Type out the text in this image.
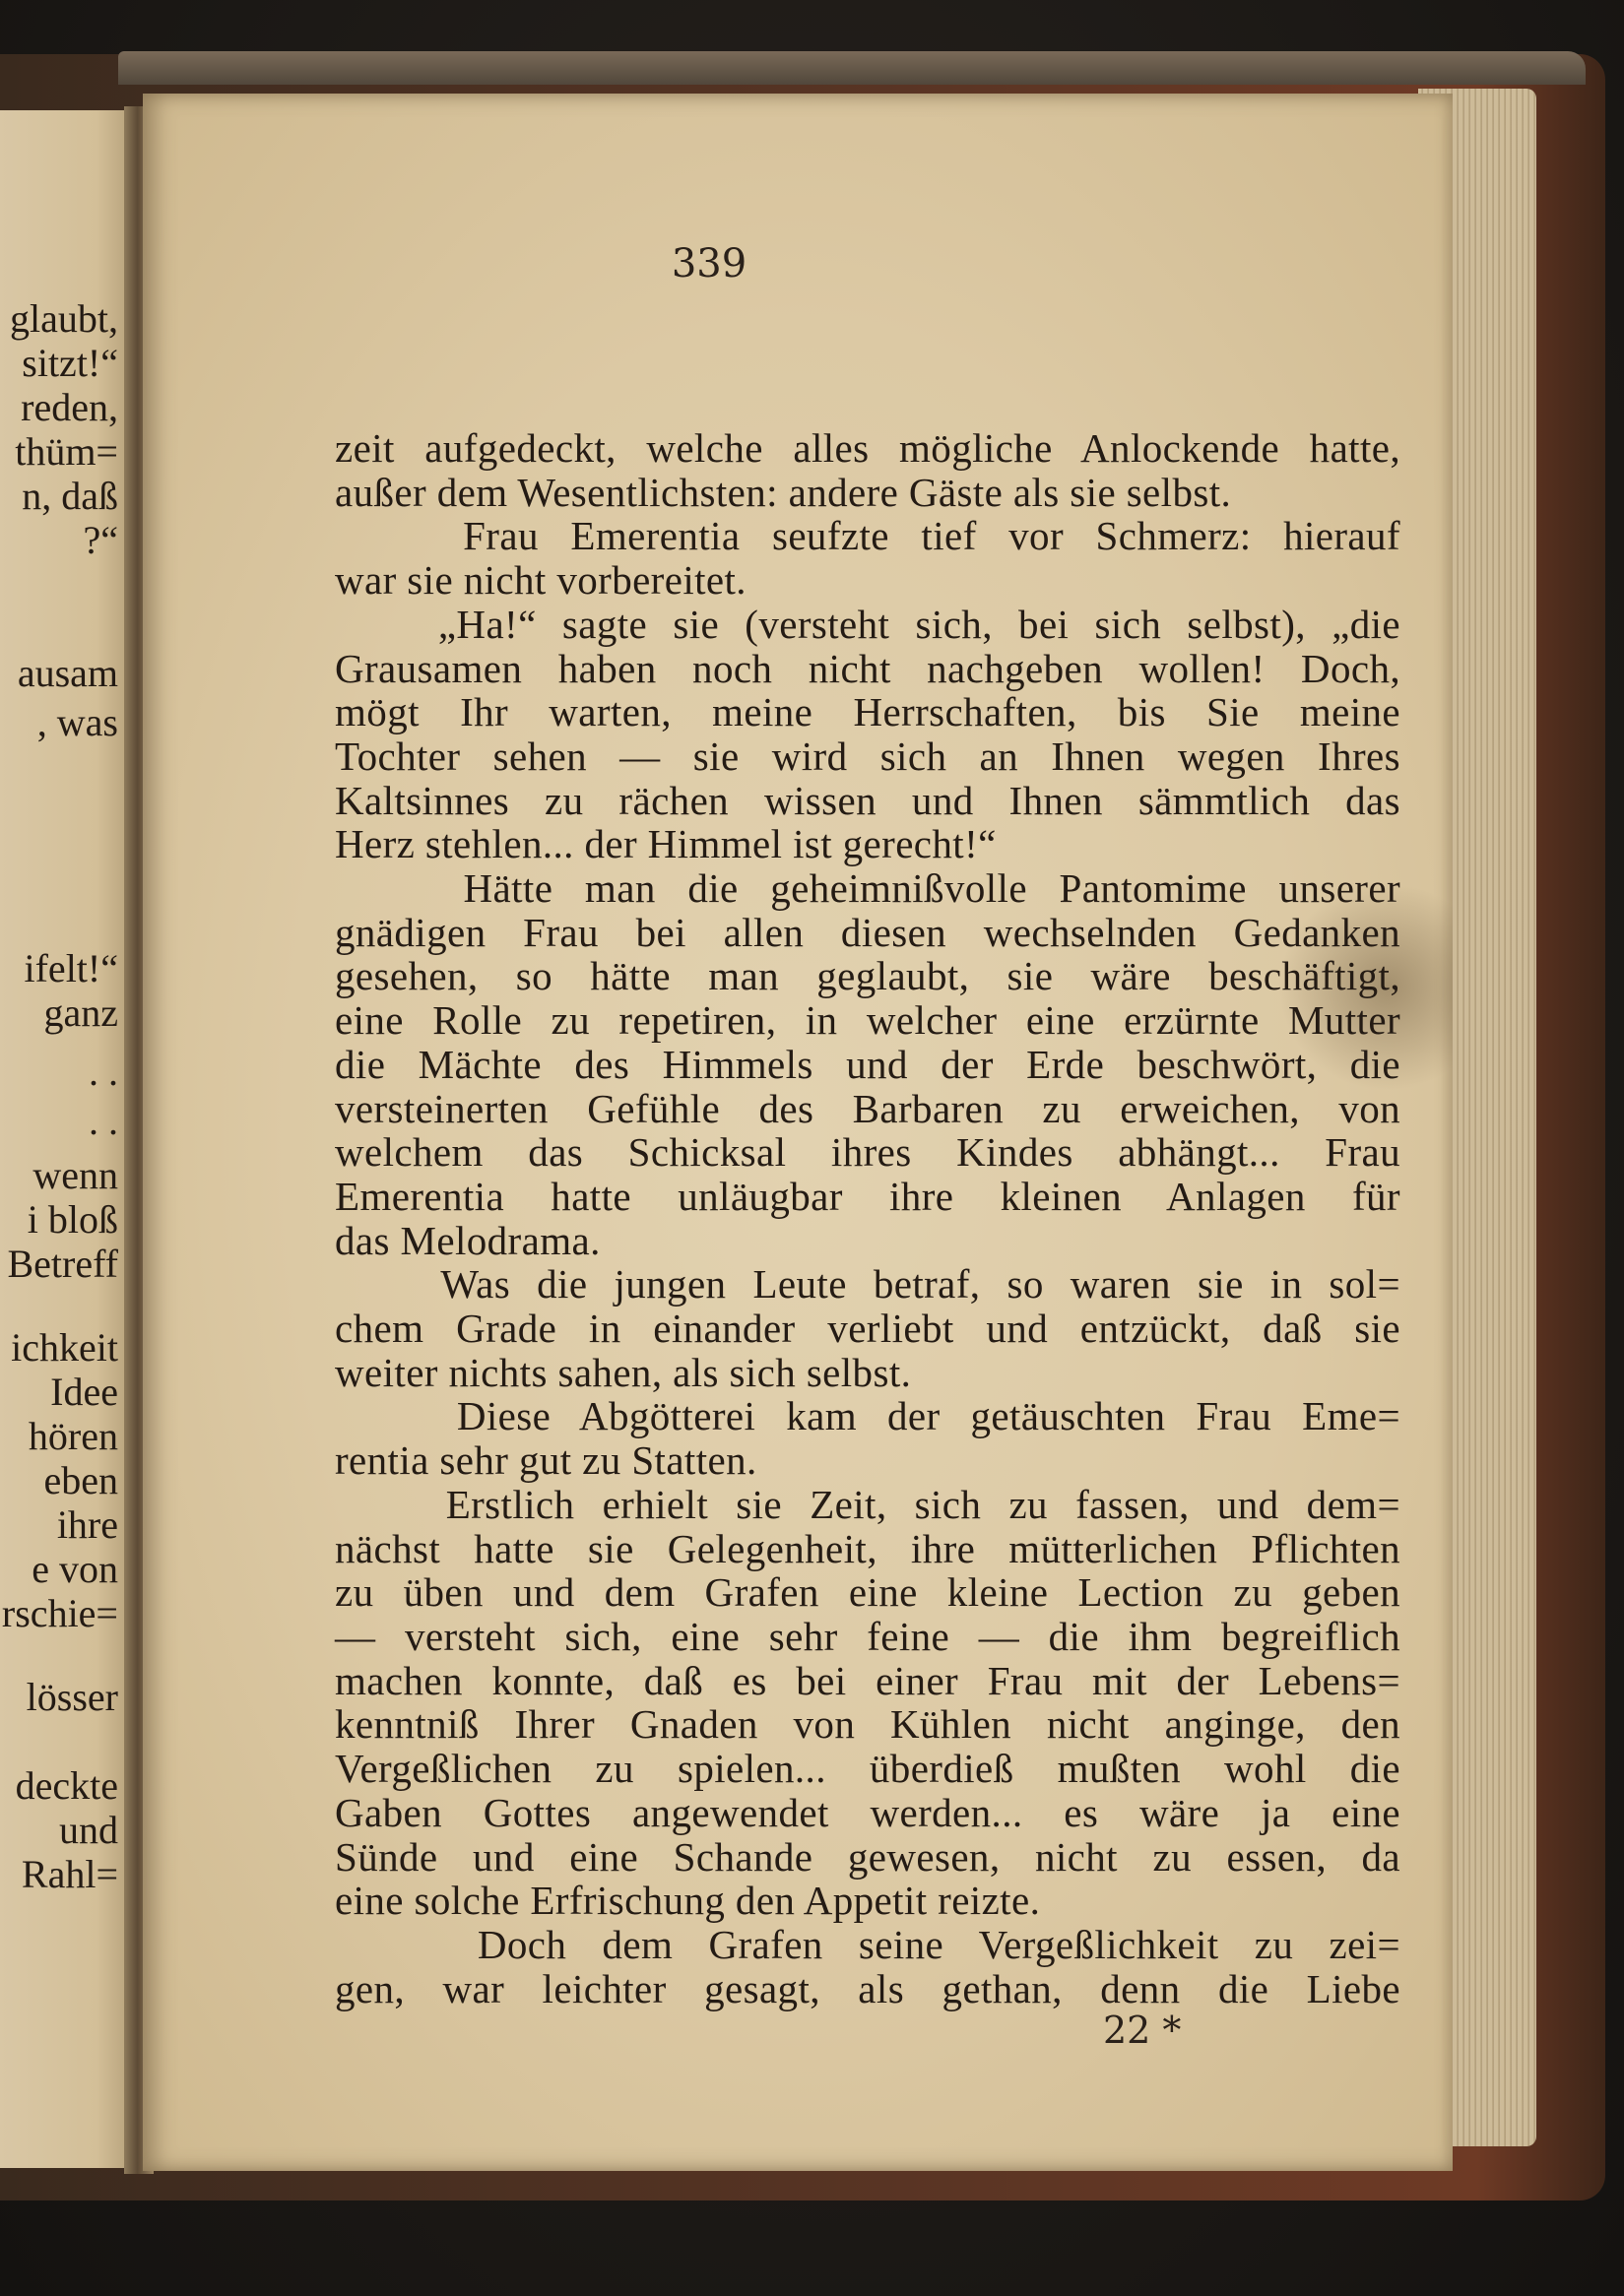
glaubt,
sitzt!“
reden,
thüm=
n, daß
?“
ausam
, was
ifelt!“
ganz
. .
. .
wenn
i bloß
Betreff
ichkeit
Idee
hören
eben
ihre
e von
rschie=
lösser
deckte
und
Rahl=
339
zeit aufgedeckt, welche alles mögliche Anlockende hatte,
außer dem Wesentlichsten: andere Gäste als sie selbst.
Frau Emerentia seufzte tief vor Schmerz: hierauf
war sie nicht vorbereitet.
„Ha!“ sagte sie (versteht sich, bei sich selbst), „die
Grausamen haben noch nicht nachgeben wollen! Doch,
mögt Ihr warten, meine Herrschaften, bis Sie meine
Tochter sehen — sie wird sich an Ihnen wegen Ihres
Kaltsinnes zu rächen wissen und Ihnen sämmtlich das
Herz stehlen... der Himmel ist gerecht!“
Hätte man die geheimnißvolle Pantomime unserer
gnädigen Frau bei allen diesen wechselnden Gedanken
gesehen, so hätte man geglaubt, sie wäre beschäftigt,
eine Rolle zu repetiren, in welcher eine erzürnte Mutter
die Mächte des Himmels und der Erde beschwört, die
versteinerten Gefühle des Barbaren zu erweichen, von
welchem das Schicksal ihres Kindes abhängt... Frau
Emerentia hatte unläugbar ihre kleinen Anlagen für
das Melodrama.
Was die jungen Leute betraf, so waren sie in sol=
chem Grade in einander verliebt und entzückt, daß sie
weiter nichts sahen, als sich selbst.
Diese Abgötterei kam der getäuschten Frau Eme=
rentia sehr gut zu Statten.
Erstlich erhielt sie Zeit, sich zu fassen, und dem=
nächst hatte sie Gelegenheit, ihre mütterlichen Pflichten
zu üben und dem Grafen eine kleine Lection zu geben
— versteht sich, eine sehr feine — die ihm begreiflich
machen konnte, daß es bei einer Frau mit der Lebens=
kenntniß Ihrer Gnaden von Kühlen nicht anginge, den
Vergeßlichen zu spielen... überdieß mußten wohl die
Gaben Gottes angewendet werden... es wäre ja eine
Sünde und eine Schande gewesen, nicht zu essen, da
eine solche Erfrischung den Appetit reizte.
Doch dem Grafen seine Vergeßlichkeit zu zei=
gen, war leichter gesagt, als gethan, denn die Liebe
22 *
